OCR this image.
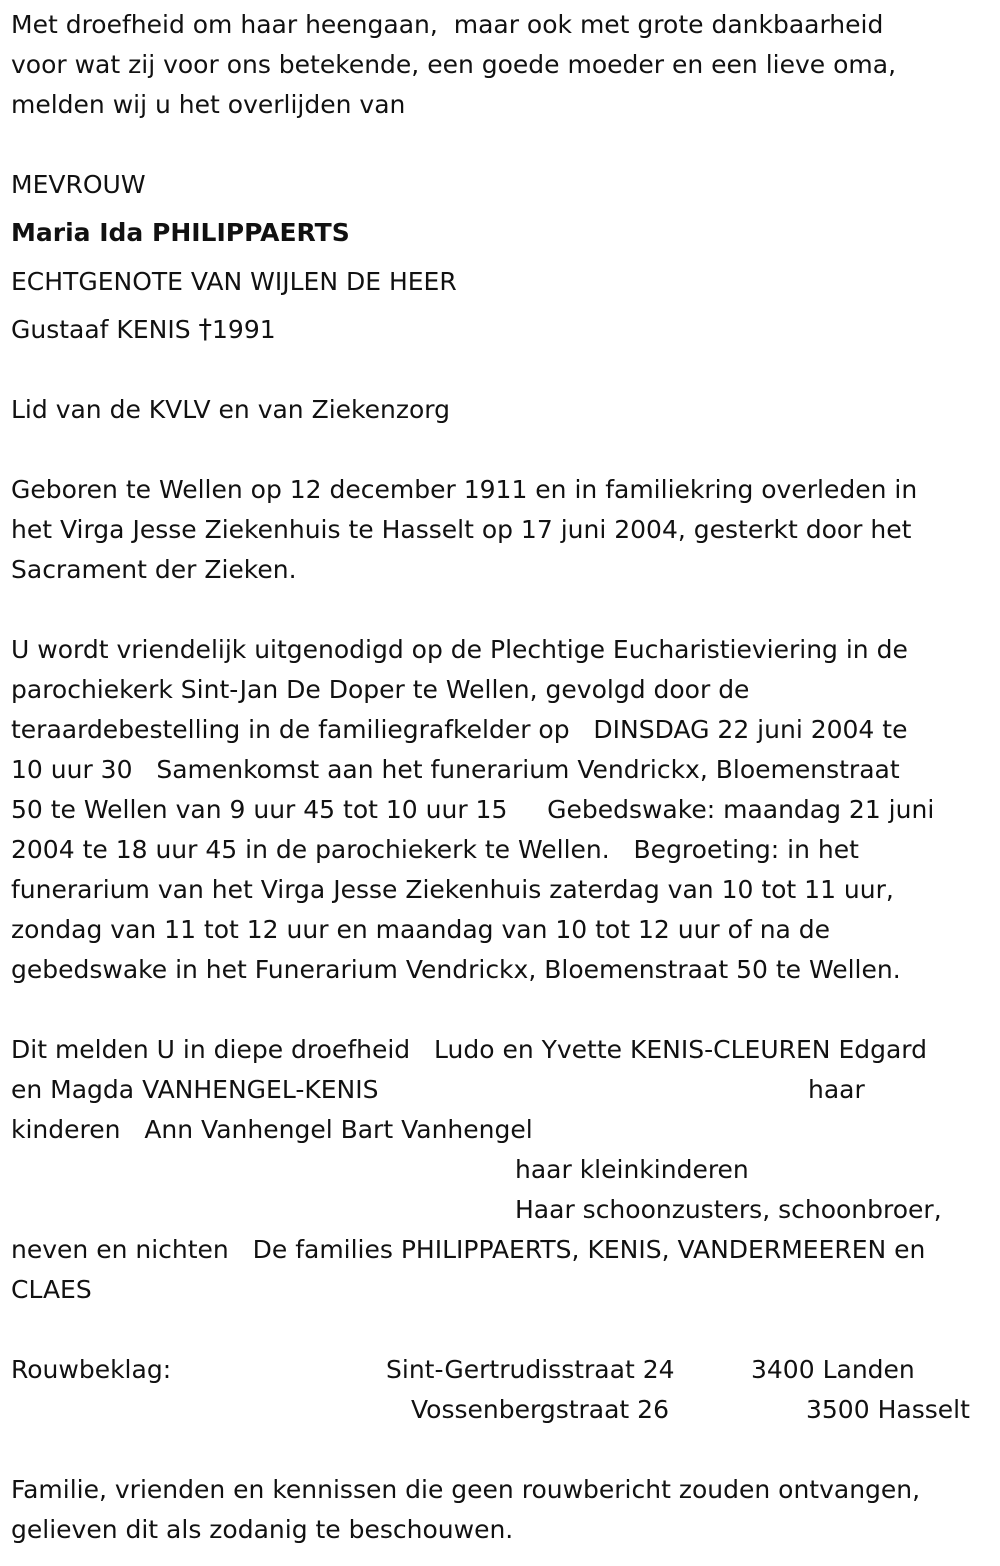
Met droefheid om haar heengaan,  maar ook met grote dankbaarheid
voor wat zij voor ons betekende, een goede moeder en een lieve oma,
melden wij u het overlijden van
MEVROUW
Maria Ida PHILIPPAERTS
ECHTGENOTE VAN WIJLEN DE HEER
Gustaaf KENIS †1991
Lid van de KVLV en van Ziekenzorg
Geboren te Wellen op 12 december 1911 en in familiekring overleden in
het Virga Jesse Ziekenhuis te Hasselt op 17 juni 2004, gesterkt door het
Sacrament der Zieken.
U wordt vriendelijk uitgenodigd op de Plechtige Eucharistieviering in de
parochiekerk Sint-Jan De Doper te Wellen, gevolgd door de
teraardebestelling in de familiegrafkelder op   DINSDAG 22 juni 2004 te
10 uur 30   Samenkomst aan het funerarium Vendrickx, Bloemenstraat
50 te Wellen van 9 uur 45 tot 10 uur 15     Gebedswake: maandag 21 juni
2004 te 18 uur 45 in de parochiekerk te Wellen.   Begroeting: in het
funerarium van het Virga Jesse Ziekenhuis zaterdag van 10 tot 11 uur,
zondag van 11 tot 12 uur en maandag van 10 tot 12 uur of na de
gebedswake in het Funerarium Vendrickx, Bloemenstraat 50 te Wellen.
Dit melden U in diepe droefheid   Ludo en Yvette KENIS-CLEUREN Edgard
en Magda VANHENGEL-KENIS	haar
kinderen   Ann Vanhengel Bart Vanhengel
haar kleinkinderen
Haar schoonzusters, schoonbroer,
neven en nichten   De families PHILIPPAERTS, KENIS, VANDERMEEREN en
CLAES
Rouwbeklag:	Sint-Gertrudisstraat 24	3400 Landen
Vossenbergstraat 26	3500 Hasselt
Familie, vrienden en kennissen die geen rouwbericht zouden ontvangen,
gelieven dit als zodanig te beschouwen.
